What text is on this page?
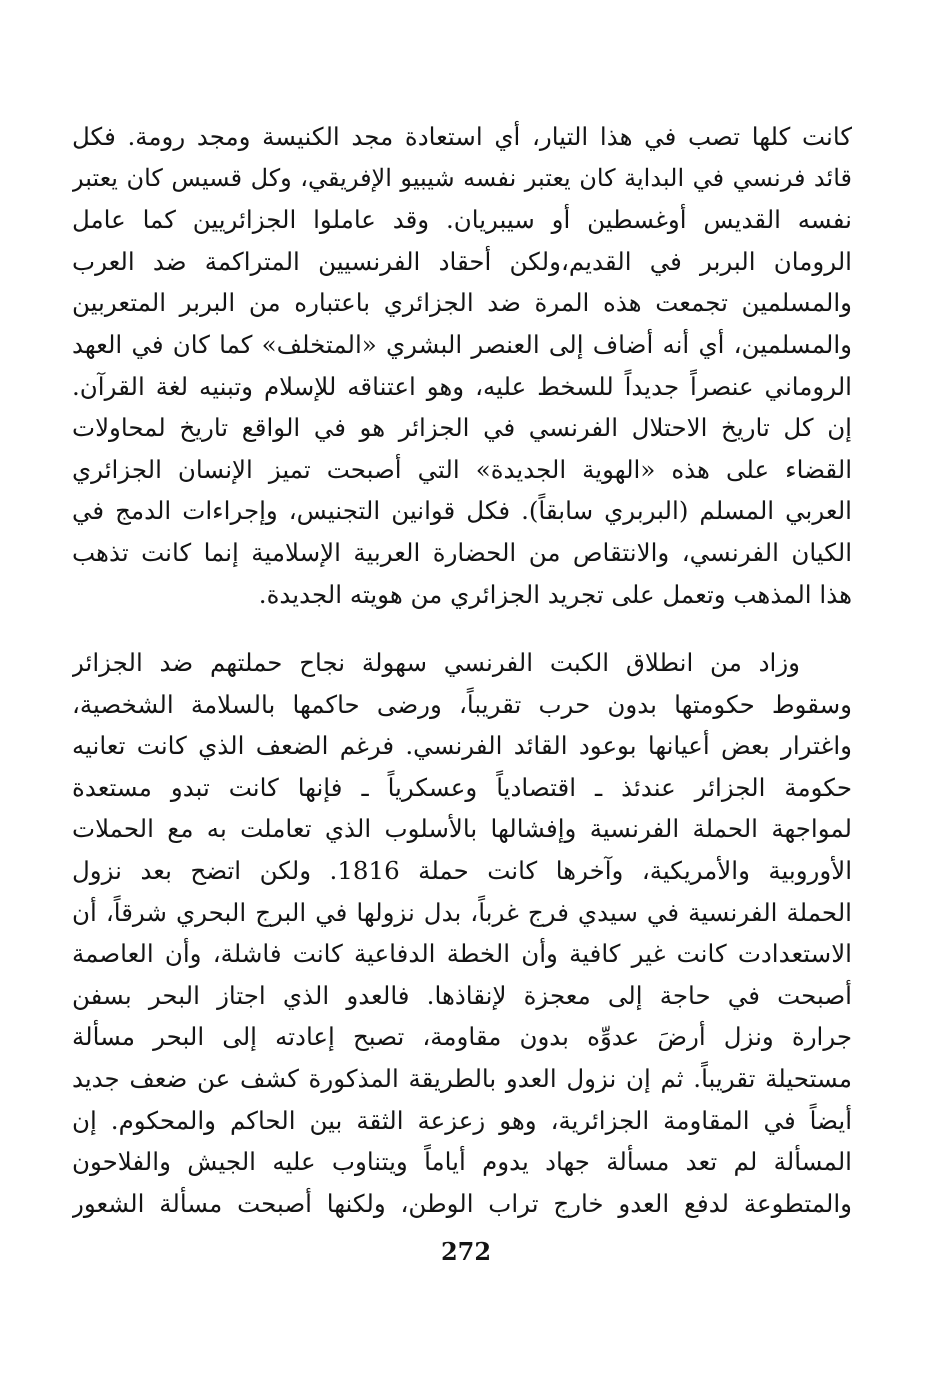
كانت كلها تصب في هذا التيار، أي استعادة مجد الكنيسة ومجد رومة. فكل
قائد فرنسي في البداية كان يعتبر نفسه شيبيو الإفريقي، وكل قسيس كان يعتبر
نفسه القديس أوغسطين أو سيبريان. وقد عاملوا الجزائريين كما عامل
الرومان البربر في القديم،ولكن أحقاد الفرنسيين المتراكمة ضد العرب
والمسلمين تجمعت هذه المرة ضد الجزائري باعتباره من البربر المتعربين
والمسلمين، أي أنه أضاف إلى العنصر البشري «المتخلف» كما كان في العهد
الروماني عنصراً جديداً للسخط عليه، وهو اعتناقه للإسلام وتبنيه لغة القرآن.
إن كل تاريخ الاحتلال الفرنسي في الجزائر هو في الواقع تاريخ لمحاولات
القضاء على هذه «الهوية الجديدة» التي أصبحت تميز الإنسان الجزائري
العربي المسلم (البربري سابقاً). فكل قوانين التجنيس، وإجراءات الدمج في
الكيان الفرنسي، والانتقاص من الحضارة العربية الإسلامية إنما كانت تذهب
هذا المذهب وتعمل على تجريد الجزائري من هويته الجديدة.
وزاد من انطلاق الكبت الفرنسي سهولة نجاح حملتهم ضد الجزائر
وسقوط حكومتها بدون حرب تقريباً، ورضى حاكمها بالسلامة الشخصية،
واغترار بعض أعيانها بوعود القائد الفرنسي. فرغم الضعف الذي كانت تعانيه
حكومة الجزائر عندئذ ـ اقتصادياً وعسكرياً ـ فإنها كانت تبدو مستعدة
لمواجهة الحملة الفرنسية وإفشالها بالأسلوب الذي تعاملت به مع الحملات
الأوروبية والأمريكية، وآخرها كانت حملة 1816. ولكن اتضح بعد نزول
الحملة الفرنسية في سيدي فرج غرباً، بدل نزولها في البرج البحري شرقاً، أن
الاستعدادت كانت غير كافية وأن الخطة الدفاعية كانت فاشلة، وأن العاصمة
أصبحت في حاجة إلى معجزة لإنقاذها. فالعدو الذي اجتاز البحر بسفن
جرارة ونزل أرضَ عدوِّه بدون مقاومة، تصبح إعادته إلى البحر مسألة
مستحيلة تقريباً. ثم إن نزول العدو بالطريقة المذكورة كشف عن ضعف جديد
أيضاً في المقاومة الجزائرية، وهو زعزعة الثقة بين الحاكم والمحكوم. إن
المسألة لم تعد مسألة جهاد يدوم أياماً ويتناوب عليه الجيش والفلاحون
والمتطوعة لدفع العدو خارج تراب الوطن، ولكنها أصبحت مسألة الشعور
272
